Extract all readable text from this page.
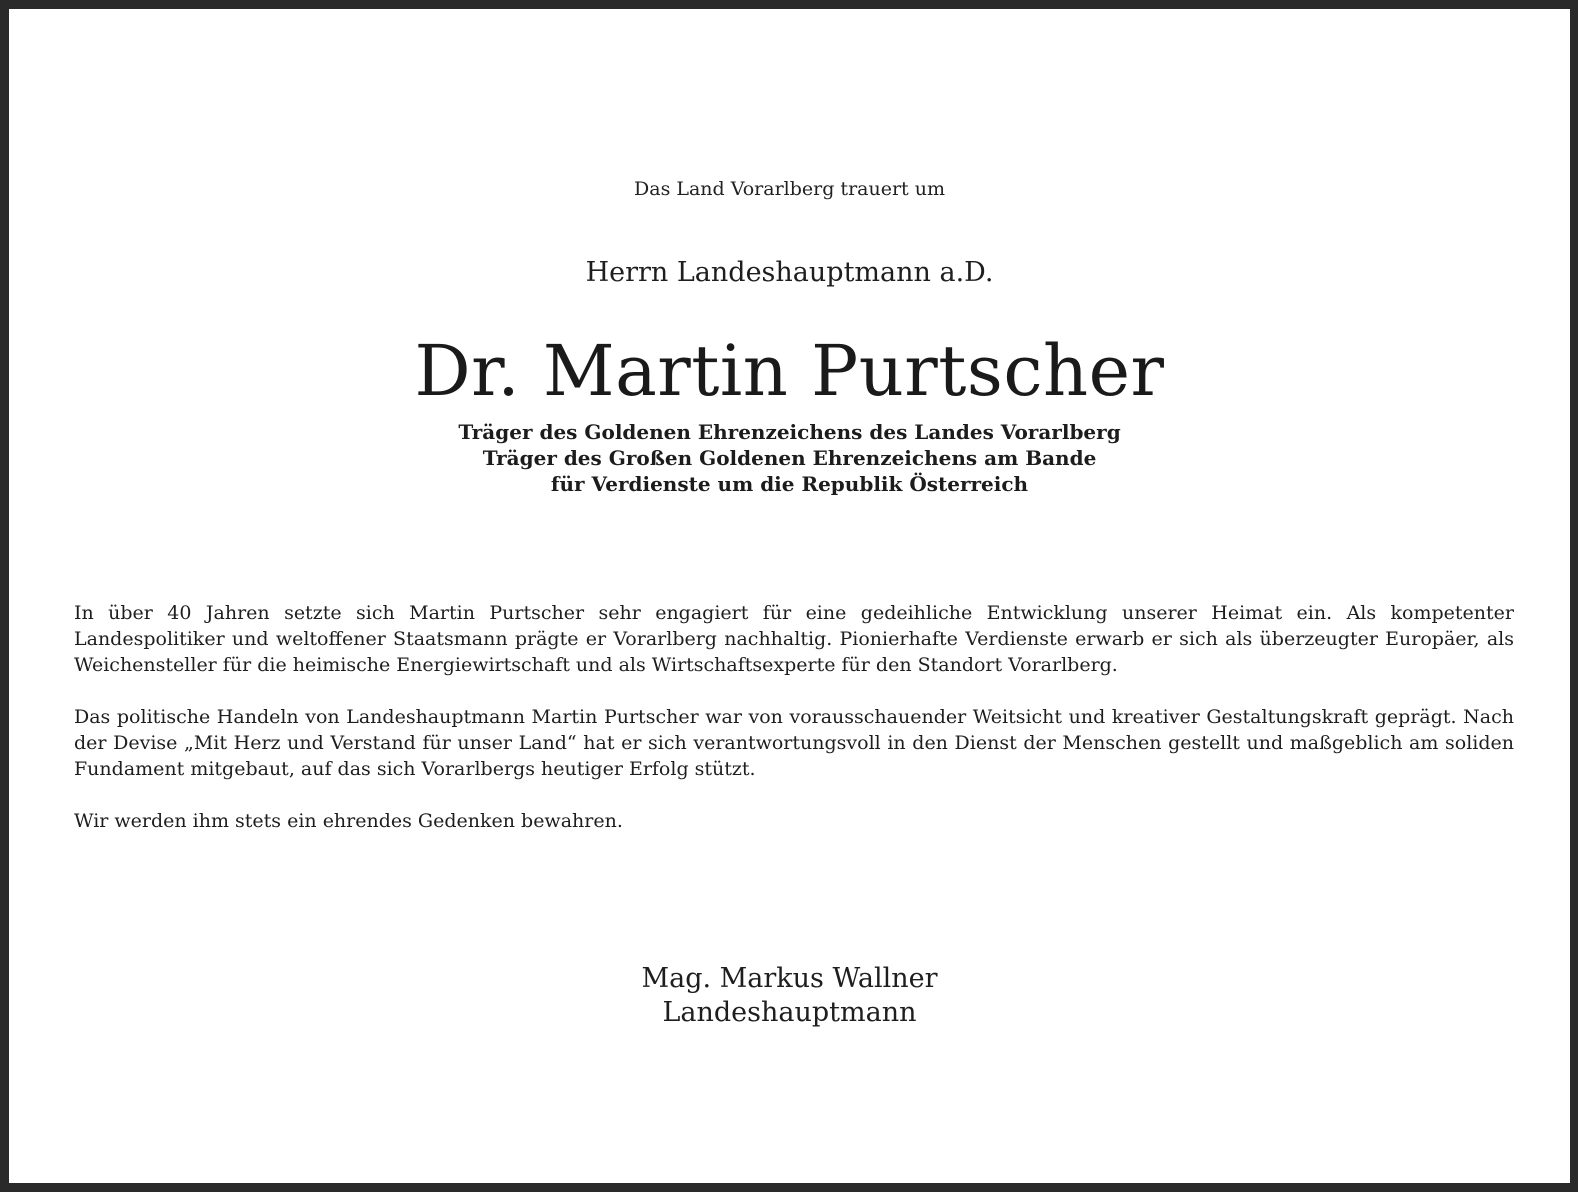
Das Land Vorarlberg trauert um
Herrn Landeshauptmann a.D.
Dr. Martin Purtscher
Träger des Goldenen Ehrenzeichens des Landes Vorarlberg
Träger des Großen Goldenen Ehrenzeichens am Bande
für Verdienste um die Republik Österreich

In über 40 Jahren setzte sich Martin Purtscher sehr engagiert für eine gedeihliche Entwicklung unserer Heimat ein. Als kompetenter Landespolitiker und weltoffener Staatsmann prägte er Vorarlberg nachhaltig. Pionierhafte Verdienste erwarb er sich als überzeugter Europäer, als Weichensteller für die heimische Energiewirtschaft und als Wirtschaftsexperte für den Standort Vorarlberg.

Das politische Handeln von Landeshauptmann Martin Purtscher war von vorausschauender Weitsicht und kreativer Gestaltungskraft geprägt. Nach der Devise „Mit Herz und Verstand für unser Land“ hat er sich verantwortungsvoll in den Dienst der Menschen gestellt und maßgeblich am soliden Fundament mitgebaut, auf das sich Vorarlbergs heutiger Erfolg stützt.

Wir werden ihm stets ein ehrendes Gedenken bewahren.

Mag. Markus Wallner
Landeshauptmann
